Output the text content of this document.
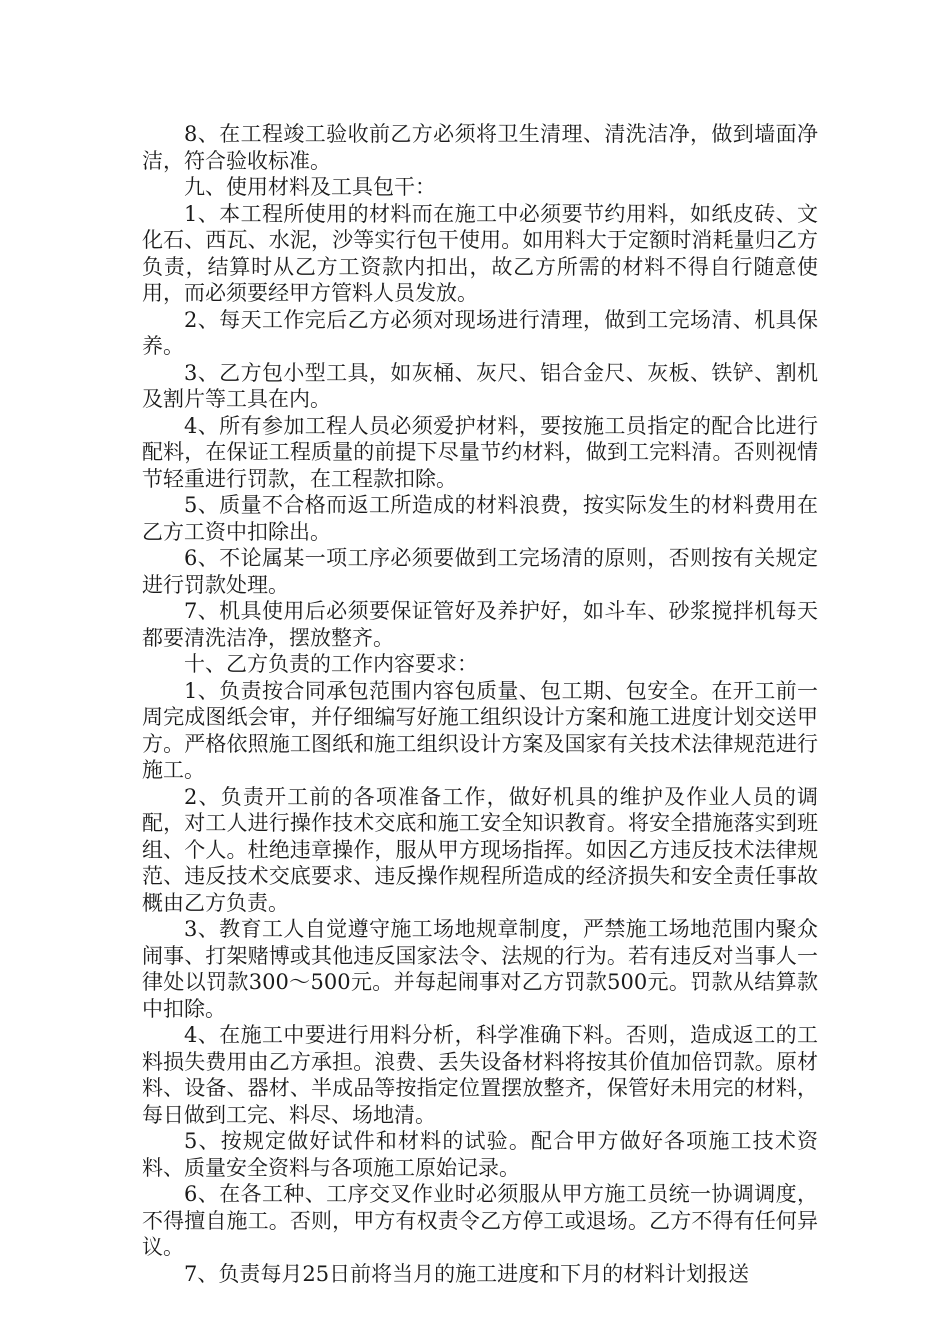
8、在工程竣工验收前乙方必须将卫生清理、清洗洁净，做到墙面净洁，符合验收标准。

九、使用材料及工具包干：

1、本工程所使用的材料而在施工中必须要节约用料，如纸皮砖、文化石、西瓦、水泥，沙等实行包干使用。如用料大于定额时消耗量归乙方负责，结算时从乙方工资款内扣出，故乙方所需的材料不得自行随意使用，而必须要经甲方管料人员发放。

2、每天工作完后乙方必须对现场进行清理，做到工完场清、机具保养。

3、乙方包小型工具，如灰桶、灰尺、铝合金尺、灰板、铁铲、割机及割片等工具在内。

4、所有参加工程人员必须爱护材料，要按施工员指定的配合比进行配料，在保证工程质量的前提下尽量节约材料，做到工完料清。否则视情节轻重进行罚款，在工程款扣除。

5、质量不合格而返工所造成的材料浪费，按实际发生的材料费用在乙方工资中扣除出。

6、不论属某一项工序必须要做到工完场清的原则，否则按有关规定进行罚款处理。

7、机具使用后必须要保证管好及养护好，如斗车、砂浆搅拌机每天都要清洗洁净，摆放整齐。

十、乙方负责的工作内容要求：

1、负责按合同承包范围内容包质量、包工期、包安全。在开工前一周完成图纸会审，并仔细编写好施工组织设计方案和施工进度计划交送甲方。严格依照施工图纸和施工组织设计方案及国家有关技术法律规范进行施工。

2、负责开工前的各项准备工作，做好机具的维护及作业人员的调配，对工人进行操作技术交底和施工安全知识教育。将安全措施落实到班组、个人。杜绝违章操作，服从甲方现场指挥。如因乙方违反技术法律规范、违反技术交底要求、违反操作规程所造成的经济损失和安全责任事故概由乙方负责。

3、教育工人自觉遵守施工场地规章制度，严禁施工场地范围内聚众闹事、打架赌博或其他违反国家法令、法规的行为。若有违反对当事人一律处以罚款300～500元。并每起闹事对乙方罚款500元。罚款从结算款中扣除。

4、在施工中要进行用料分析，科学准确下料。否则，造成返工的工料损失费用由乙方承担。浪费、丢失设备材料将按其价值加倍罚款。原材料、设备、器材、半成品等按指定位置摆放整齐，保管好未用完的材料，每日做到工完、料尽、场地清。

5、按规定做好试件和材料的试验。配合甲方做好各项施工技术资料、质量安全资料与各项施工原始记录。

6、在各工种、工序交叉作业时必须服从甲方施工员统一协调调度，不得擅自施工。否则，甲方有权责令乙方停工或退场。乙方不得有任何异议。

7、负责每月25日前将当月的施工进度和下月的材料计划报送
